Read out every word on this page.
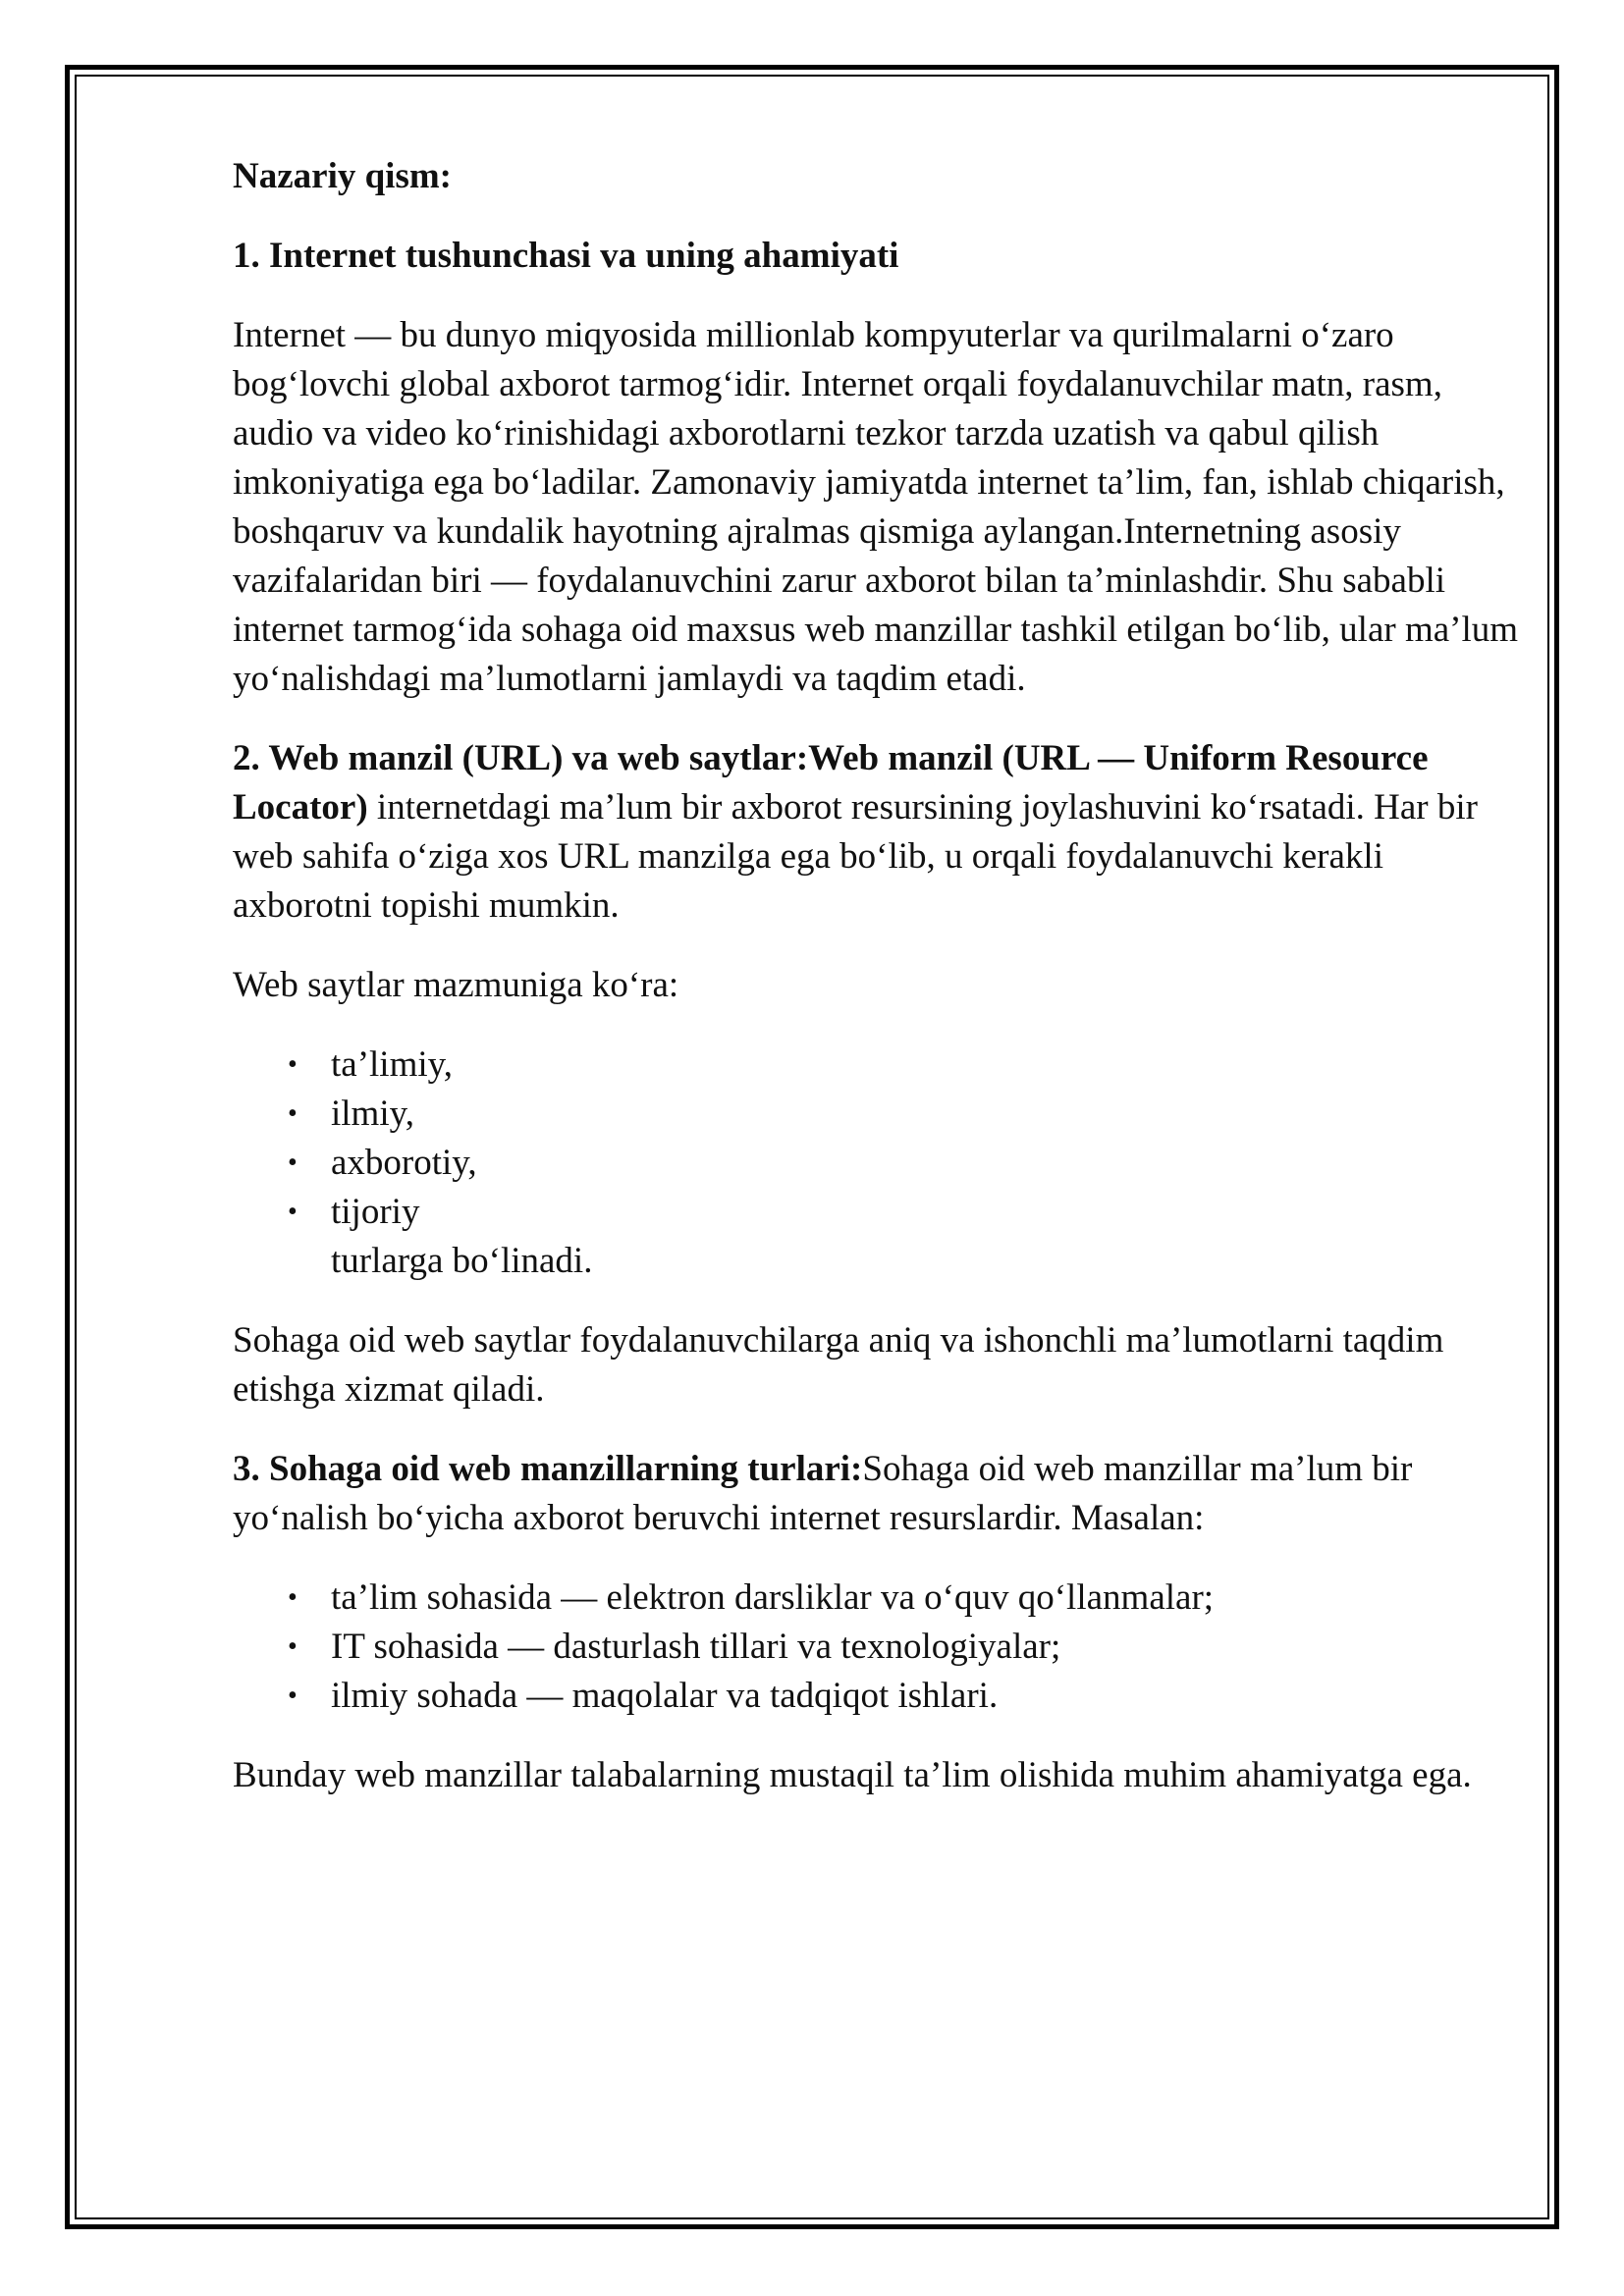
Nazariy qism:

1. Internet tushunchasi va uning ahamiyati

Internet — bu dunyo miqyosida millionlab kompyuterlar va qurilmalarni o‘zaro bog‘lovchi global axborot tarmog‘idir. Internet orqali foydalanuvchilar matn, rasm, audio va video ko‘rinishidagi axborotlarni tezkor tarzda uzatish va qabul qilish imkoniyatiga ega bo‘ladilar. Zamonaviy jamiyatda internet ta’lim, fan, ishlab chiqarish, boshqaruv va kundalik hayotning ajralmas qismiga aylangan.Internetning asosiy vazifalaridan biri — foydalanuvchini zarur axborot bilan ta’minlashdir. Shu sababli internet tarmog‘ida sohaga oid maxsus web manzillar tashkil etilgan bo‘lib, ular ma’lum yo‘nalishdagi ma’lumotlarni jamlaydi va taqdim etadi.

2. Web manzil (URL) va web saytlar:Web manzil (URL — Uniform Resource Locator) internetdagi ma’lum bir axborot resursining joylashuvini ko‘rsatadi. Har bir web sahifa o‘ziga xos URL manzilga ega bo‘lib, u orqali foydalanuvchi kerakli axborotni topishi mumkin.

Web saytlar mazmuniga ko‘ra:

• ta’limiy,
• ilmiy,
• axborotiy,
• tijoriy
turlarga bo‘linadi.

Sohaga oid web saytlar foydalanuvchilarga aniq va ishonchli ma’lumotlarni taqdim etishga xizmat qiladi.

3. Sohaga oid web manzillarning turlari:Sohaga oid web manzillar ma’lum bir yo‘nalish bo‘yicha axborot beruvchi internet resurslardir. Masalan:

• ta’lim sohasida — elektron darsliklar va o‘quv qo‘llanmalar;
• IT sohasida — dasturlash tillari va texnologiyalar;
• ilmiy sohada — maqolalar va tadqiqot ishlari.

Bunday web manzillar talabalarning mustaqil ta’lim olishida muhim ahamiyatga ega.
